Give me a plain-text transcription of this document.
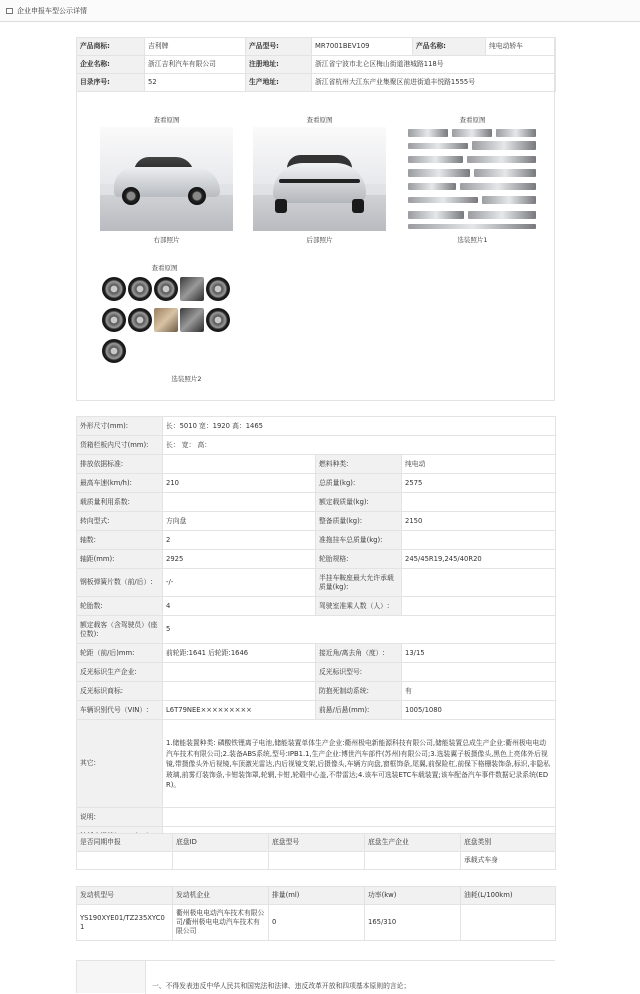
企业申报车型公示详情
产品商标:	吉利牌	产品型号:	MR7001BEV109	产品名称:	纯电动轿车
企业名称:	浙江吉利汽车有限公司	注册地址:	浙江省宁波市北仑区梅山街道港城路118号		
目录序号:	52	生产地址:	浙江省杭州大江东产业集聚区前进街道丰悦路1555号		
查看原图
右部照片
查看原图
后部照片
查看原图
选装照片1
查看原图
选装照片2
外形尺寸(mm):	长：5010 宽：1920 高：1465		
货箱栏板内尺寸(mm):	长： 宽： 高：		
排放依据标准:		燃料种类:	纯电动
最高车速(km/h):	210	总质量(kg):	2575
载质量利用系数:		额定载质量(kg):	
转向型式:	方向盘	整备质量(kg):	2150
轴数:	2	准拖挂车总质量(kg):	
轴距(mm):	2925	轮胎规格:	245/45R19,245/40R20
钢板弹簧片数（前/后）:	-/-	半挂车鞍座最大允许承载质量(kg):	
轮胎数:	4	驾驶室准乘人数（人）:	
额定载客（含驾驶员）(座位数):	5		
轮距（前/后)mm:	前轮距:1641 后轮距:1646	接近角/离去角（度）:	13/15
反光标识生产企业:		反光标识型号:	
反光标识商标:		防抱死制动系统:	有
车辆识别代号（VIN）:	L6T79NEE×××××××××	前悬/后悬(mm):	1005/1080
其它:	1.储能装置种类: 磷酸铁锂离子电池,储能装置单体生产企业:衢州极电新能源科技有限公司,储能装置总成生产企业:衢州极电电动汽车技术有限公司;2.装备ABS系统,型号:IPB1.1,生产企业:博世汽车部件(苏州)有限公司;3.选装翼子板摄像头,黑色上亮体外后视镜,带摄像头外后视镜,车顶激光雷达,内后视镜支架,后摄像头,车辆方向盘,窗框饰条,尾翼,前保险杠,前保下格栅装饰条,标识,非隐私玻璃,前雾灯装饰条,卡钳装饰罩,轮辋,卡钳,轮毂中心盖,不带雷达;4.该车可选装ETC车载装置;该车配备汽车事件数据记录系统(EDR)。		
说明:			

是否同期申报	底盘ID	底盘型号	底盘生产企业	底盘类别
				承载式车身
发动机型号	发动机企业	排量(ml)	功率(kw)	油耗(L/100km)
YS190XYE01/TZ235XYC01	衢州极电电动汽车技术有限公司/衢州极电电动汽车技术有限公司	0	165/310	
一、不得发表违反中华人民共和国宪法和法律、违反改革开放和四项基本原则的言论；
